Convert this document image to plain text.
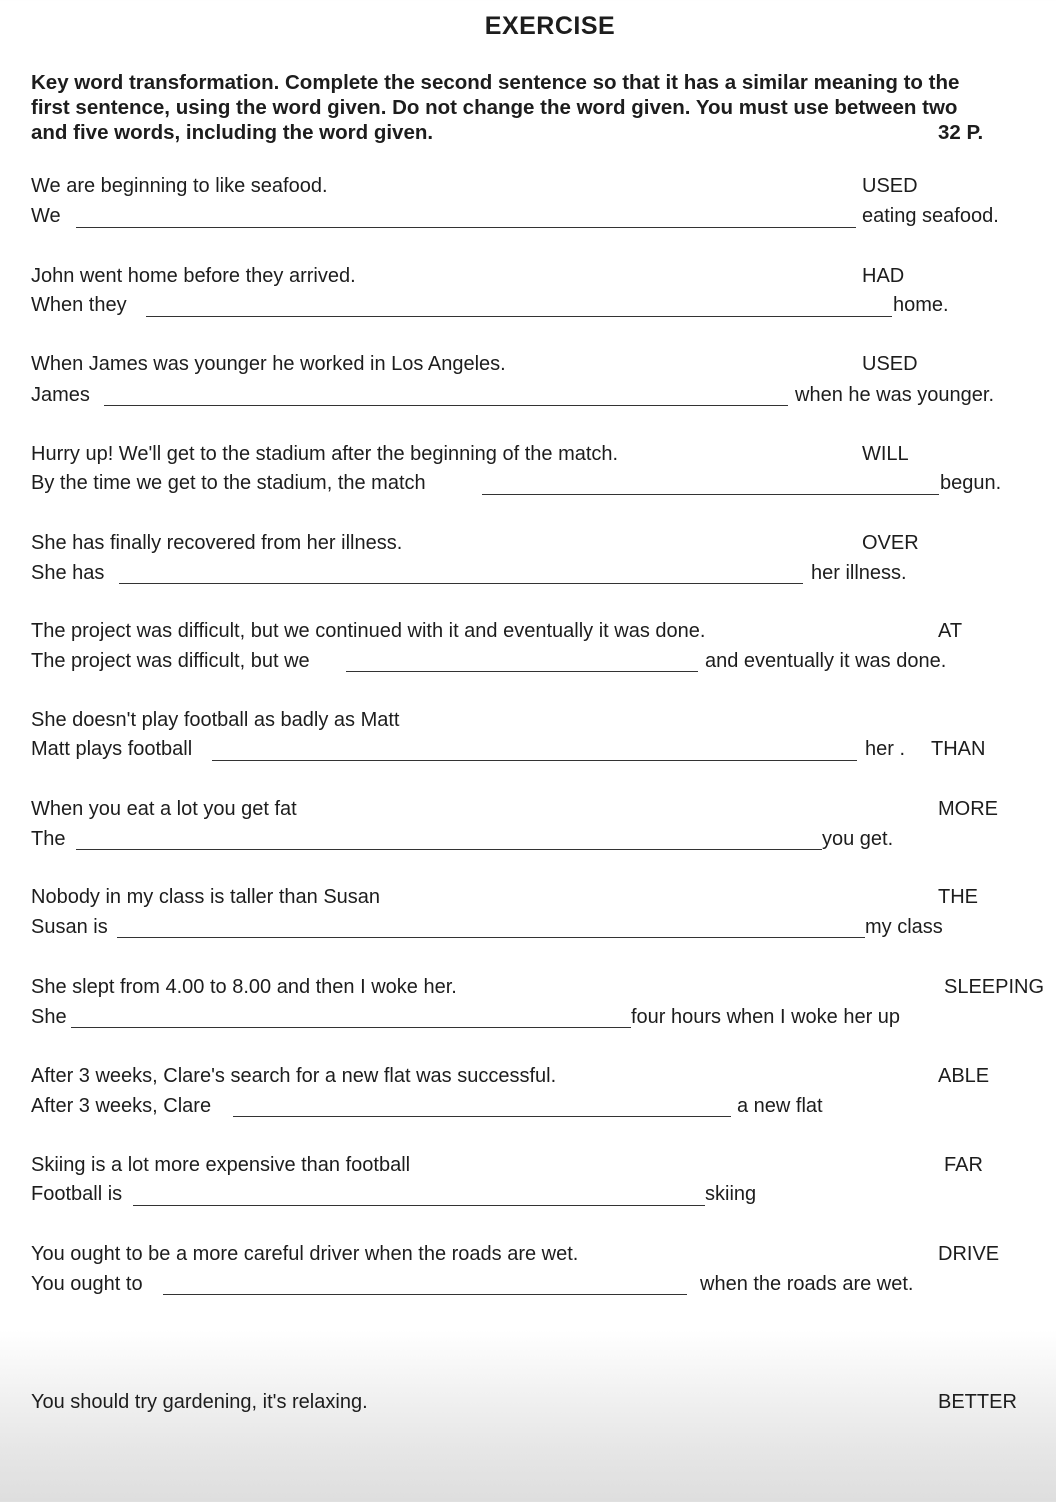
EXERCISE

Key word transformation. Complete the second sentence so that it has a similar meaning to the

first sentence, using the word given. Do not change the word given. You must use between two

and five words, including the word given.	32 P.
We are beginning to like seafood.	USED
We	eating seafood.
John went home before they arrived.	HAD
When they	home.
When James was younger he worked in Los Angeles.	USED
James	when he was younger.
Hurry up! We'll get to the stadium after the beginning of the match.	WILL
By the time we get to the stadium, the match	begun.
She has finally recovered from her illness.	OVER
She has	her illness.
The project was difficult, but we continued with it and eventually it was done.	AT
The project was difficult, but we	and eventually it was done.
She doesn't play football as badly as Matt
Matt plays football	her . THAN
When you eat a lot you get fat	MORE
The	you get.
Nobody in my class is taller than Susan	THE
Susan is	my class
She slept from 4.00 to 8.00 and then I woke her.	SLEEPING
She	four hours when I woke her up
After 3 weeks, Clare's search for a new flat was successful.	ABLE
After 3 weeks, Clare	a new flat
Skiing is a lot more expensive than football	FAR
Football is	skiing
You ought to be a more careful driver when the roads are wet.	DRIVE
You ought to	when the roads are wet.
You should try gardening, it's relaxing.	BETTER
